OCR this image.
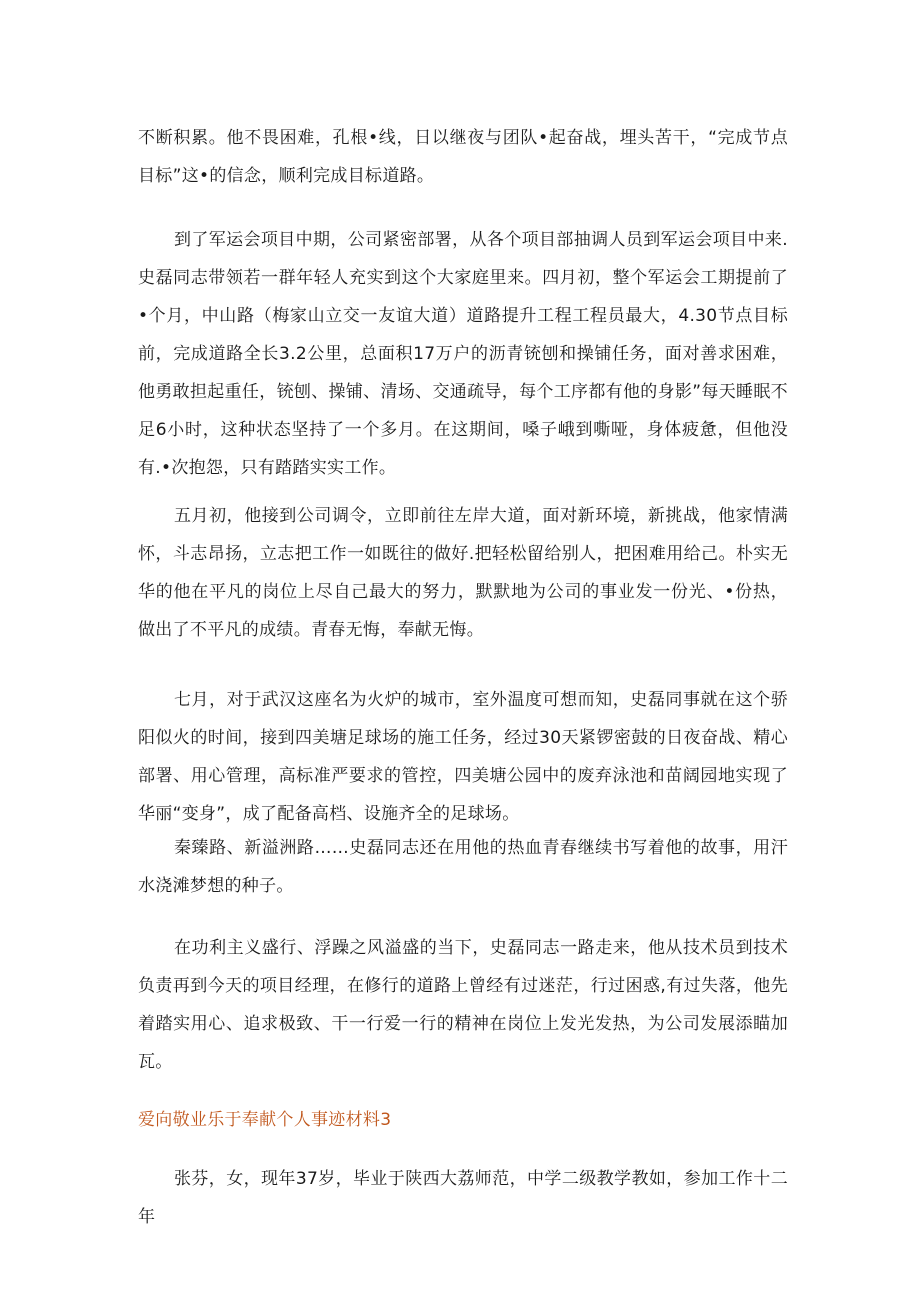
不断积累。他不畏困难，孔根•线，日以继夜与团队•起奋战，埋头苦干，“完成节点目标”这•的信念，顺利完成目标道路。

到了军运会项目中期，公司紧密部署，从各个项目部抽调人员到军运会项目中来.史磊同志带领若一群年轻人充实到这个大家庭里来。四月初，整个军运会工期提前了•个月，中山路（梅家山立交一友谊大道）道路提升工程工程员最大，4.30节点目标前，完成道路全长3.2公里，总面积17万户的沥青铳刨和操铺任务，面对善求困难，他勇敢担起重任，铳刨、操铺、清场、交通疏导，每个工序都有他的身影”每天睡眠不足6小时，这种状态坚持了一个多月。在这期间，嗓子峨到嘶哑，身体疲惫，但他没有.•次抱怨，只有踏踏实实工作。

五月初，他接到公司调令，立即前往左岸大道，面对新环境，新挑战，他家情满怀，斗志昂扬，立志把工作一如既往的做好.把轻松留给别人，把困难用给己。朴实无华的他在平凡的岗位上尽自己最大的努力，默默地为公司的事业发一份光、•份热，做出了不平凡的成绩。青春无悔，奉献无悔。

七月，对于武汉这座名为火炉的城市，室外温度可想而知，史磊同事就在这个骄阳似火的时间，接到四美塘足球场的施工任务，经过30天紧锣密鼓的日夜奋战、精心部署、用心管理，高标准严要求的管控，四美塘公园中的废弃泳池和苗阔园地实现了华丽“变身”，成了配备高档、设施齐全的足球场。

秦臻路、新溢洲路……史磊同志还在用他的热血青春继续书写着他的故事，用汗水浇滩梦想的种子。

在功利主义盛行、浮躁之风溢盛的当下，史磊同志一路走来，他从技术员到技术负责再到今天的项目经理，在修行的道路上曾经有过迷茫，行过困惑,有过失落，他先着踏实用心、追求极致、干一行爱一行的精神在岗位上发光发热，为公司发展添瞄加瓦。

爱向敬业乐于奉献个人事迹材料3

张芬，女，现年37岁，毕业于陕西大荔师范，中学二级教学教如，参加工作十二年
